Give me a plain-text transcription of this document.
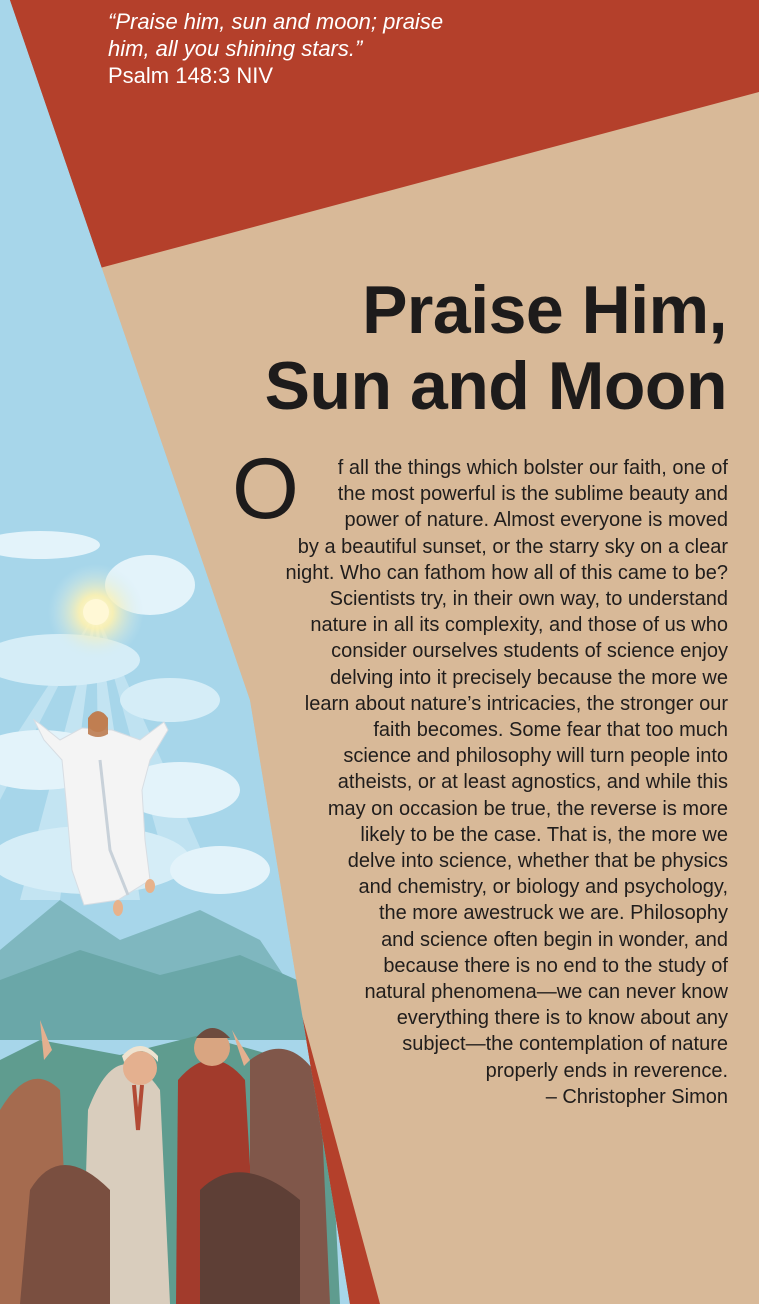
“Praise him, sun and moon; praise
him, all you shining stars.”
Psalm 148:3 NIV
Praise Him,
Sun and Moon
O f all the things which bolster our faith, one of
the most powerful is the sublime beauty and
power of nature. Almost everyone is moved
by a beautiful sunset, or the starry sky on a clear
night. Who can fathom how all of this came to be?
Scientists try, in their own way, to understand
nature in all its complexity, and those of us who
consider ourselves students of science enjoy
delving into it precisely because the more we
learn about nature’s intricacies, the stronger our
faith becomes. Some fear that too much
science and philosophy will turn people into
atheists, or at least agnostics, and while this
may on occasion be true, the reverse is more
likely to be the case. That is, the more we
delve into science, whether that be physics
and chemistry, or biology and psychology,
the more awestruck we are. Philosophy
and science often begin in wonder, and
because there is no end to the study of
natural phenomena—we can never know
everything there is to know about any
subject—the contemplation of nature
properly ends in reverence.
– Christopher Simon
